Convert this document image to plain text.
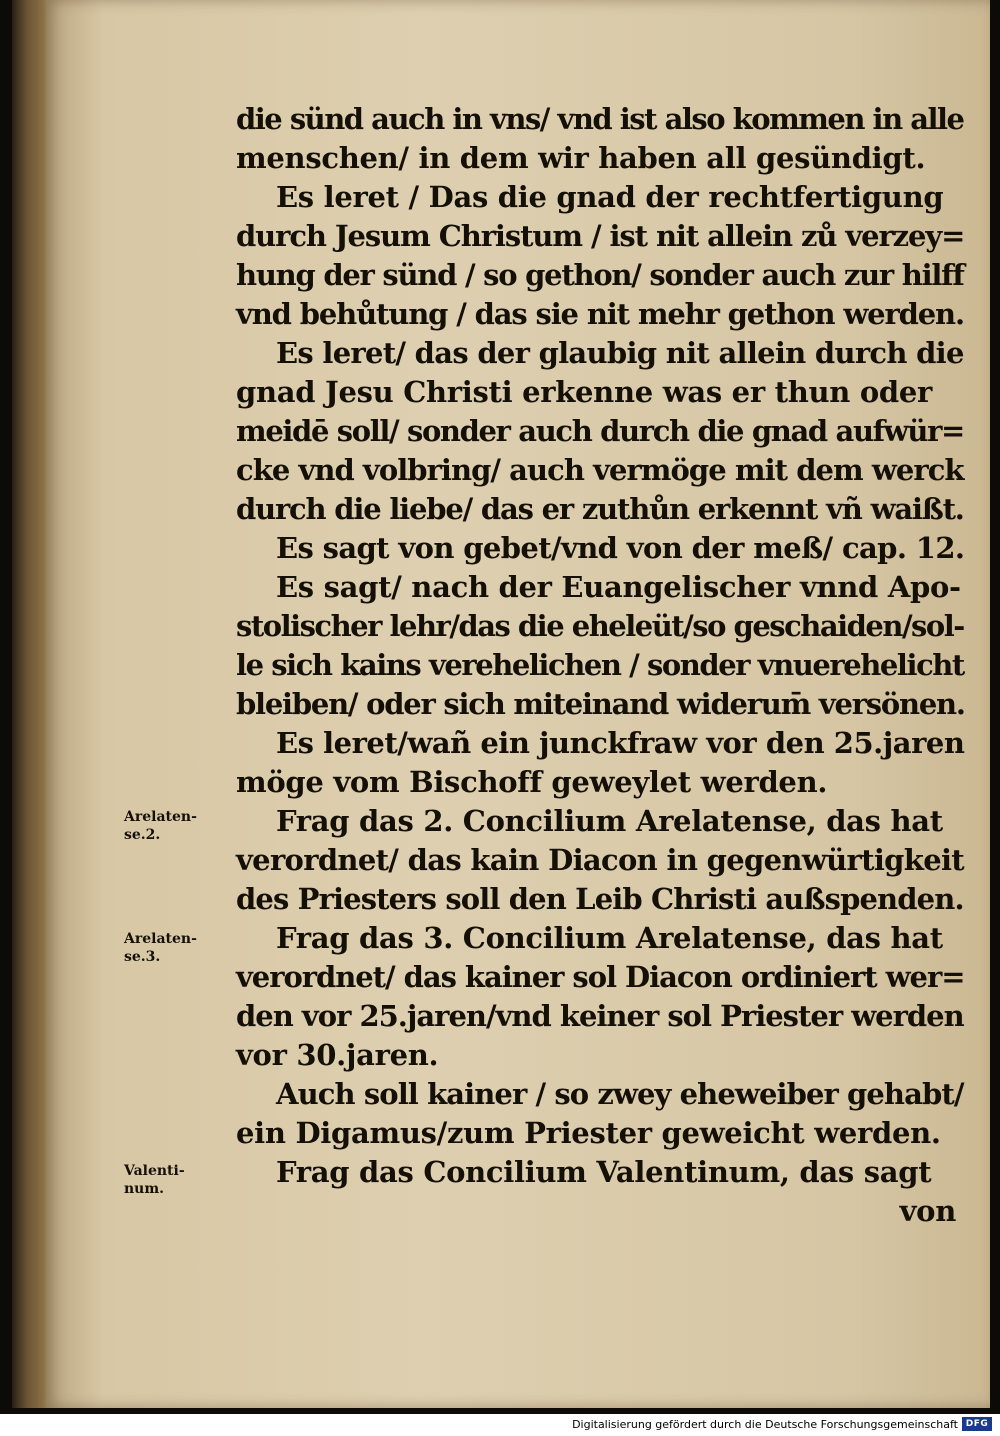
die sünd auch in vns/ vnd ist also kommen in alle
menschen/ in dem wir haben all gesündigt.
Es leret / Das die gnad der rechtfertigung
durch Jesum Christum / ist nit allein zů verzey=
hung der sünd / so gethon/ sonder auch zur hilff
vnd behůtung / das sie nit mehr gethon werden.
Es leret/ das der glaubig nit allein durch die
gnad Jesu Christi erkenne was er thun oder
meidē soll/ sonder auch durch die gnad aufwür=
cke vnd volbring/ auch vermöge mit dem werck
durch die liebe/ das er zuthůn erkennt vñ waißt.
Es sagt von gebet/vnd von der meß/ cap. 12.
Es sagt/ nach der Euangelischer vnnd Apo-
stolischer lehr/das die eheleüt/so geschaiden/sol-
le sich kains verehelichen / sonder vnuerehelicht
bleiben/ oder sich miteinand widerum̄ versönen.
Es leret/wañ ein junckfraw vor den 25.jaren
möge vom Bischoff geweylet werden.
Frag das 2. Concilium Arelatense, das hat
verordnet/ das kain Diacon in gegenwürtigkeit
des Priesters soll den Leib Christi außspenden.
Frag das 3. Concilium Arelatense, das hat
verordnet/ das kainer sol Diacon ordiniert wer=
den vor 25.jaren/vnd keiner sol Priester werden
vor 30.jaren.
Auch soll kainer / so zwey eheweiber gehabt/
ein Digamus/zum Priester geweicht werden.
Frag das Concilium Valentinum, das sagt
von
Arelaten-
se.2.
Arelaten-
se.3.
Valenti-
num.
Digitalisierung gefördert durch die Deutsche Forschungsgemeinschaft DFG
